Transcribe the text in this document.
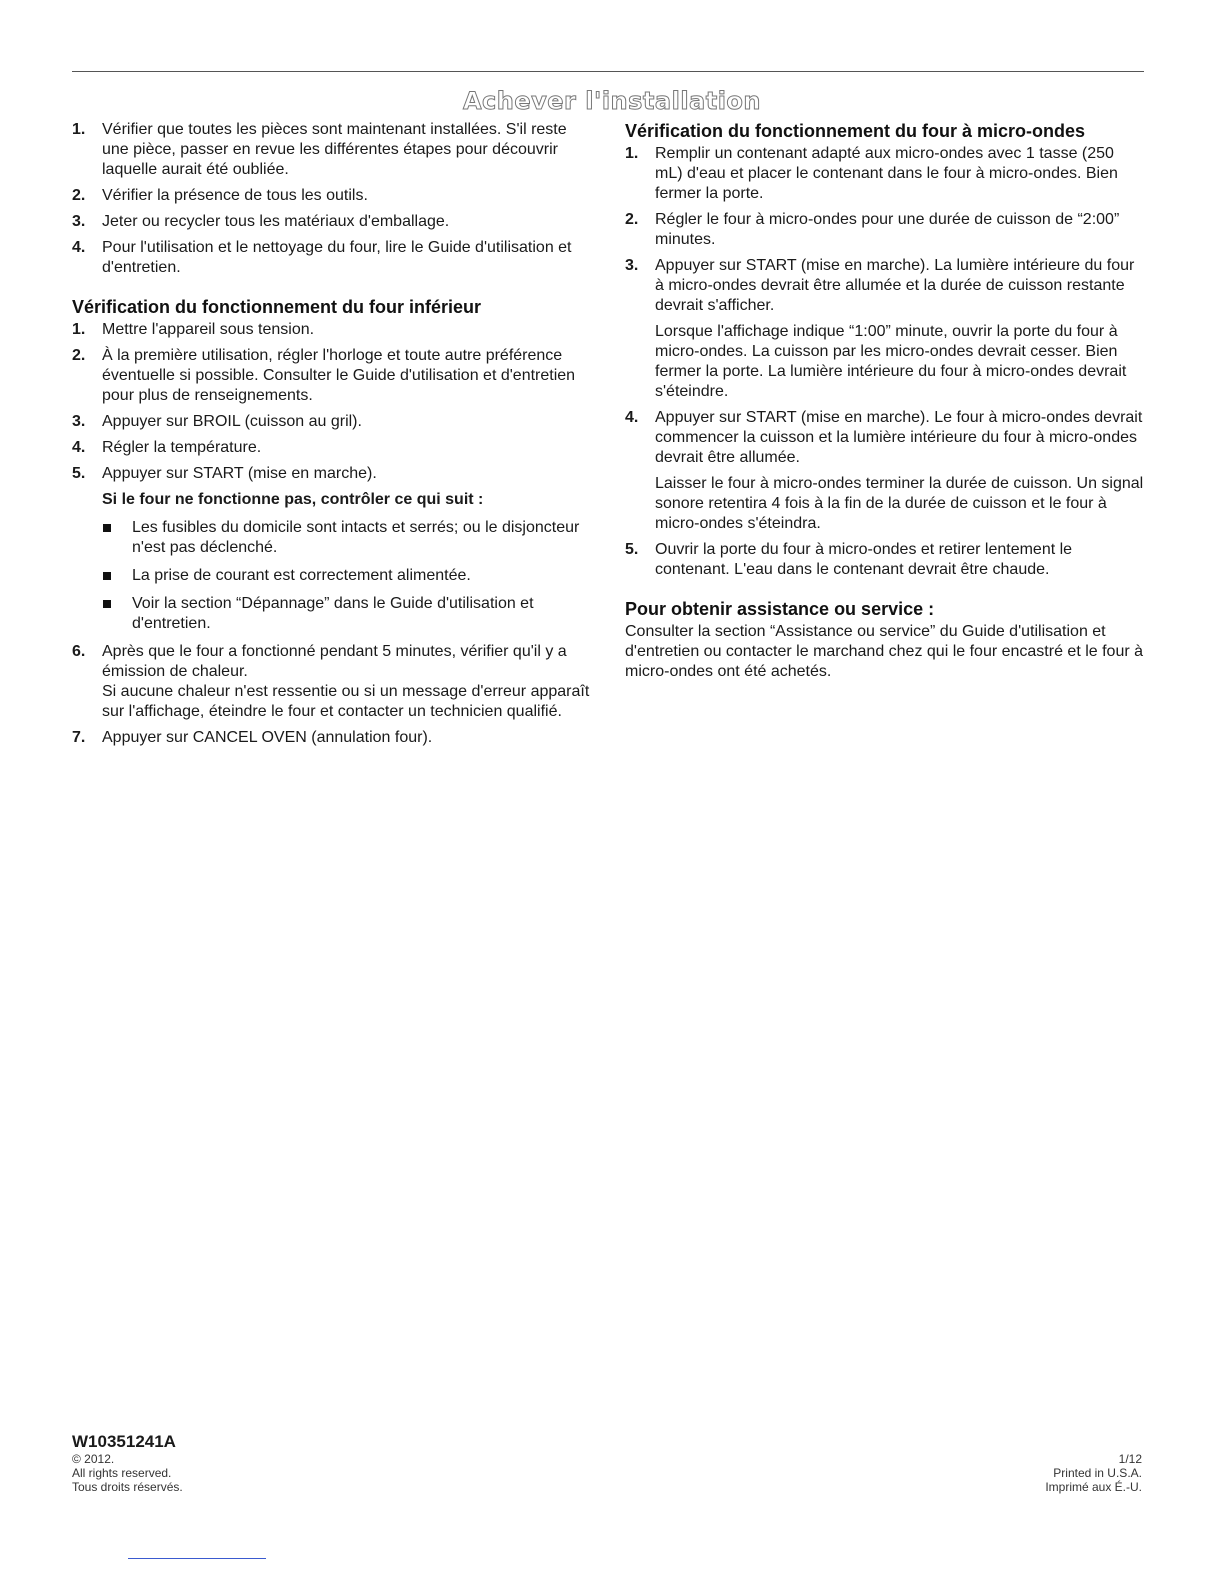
Achever l'installation
1. Vérifier que toutes les pièces sont maintenant installées. S'il reste une pièce, passer en revue les différentes étapes pour découvrir laquelle aurait été oubliée.
2. Vérifier la présence de tous les outils.
3. Jeter ou recycler tous les matériaux d'emballage.
4. Pour l'utilisation et le nettoyage du four, lire le Guide d'utilisation et d'entretien.
Vérification du fonctionnement du four inférieur
1. Mettre l'appareil sous tension.
2. À la première utilisation, régler l'horloge et toute autre préférence éventuelle si possible. Consulter le Guide d'utilisation et d'entretien pour plus de renseignements.
3. Appuyer sur BROIL (cuisson au gril).
4. Régler la température.
5. Appuyer sur START (mise en marche).
Si le four ne fonctionne pas, contrôler ce qui suit :
Les fusibles du domicile sont intacts et serrés; ou le disjoncteur n'est pas déclenché.
La prise de courant est correctement alimentée.
Voir la section “Dépannage” dans le Guide d'utilisation et d'entretien.
6. Après que le four a fonctionné pendant 5 minutes, vérifier qu'il y a émission de chaleur.
Si aucune chaleur n'est ressentie ou si un message d'erreur apparaît sur l'affichage, éteindre le four et contacter un technicien qualifié.
7. Appuyer sur CANCEL OVEN (annulation four).
Vérification du fonctionnement du four à micro-ondes
1. Remplir un contenant adapté aux micro-ondes avec 1 tasse (250 mL) d'eau et placer le contenant dans le four à micro-ondes. Bien fermer la porte.
2. Régler le four à micro-ondes pour une durée de cuisson de “2:00” minutes.
3. Appuyer sur START (mise en marche). La lumière intérieure du four à micro-ondes devrait être allumée et la durée de cuisson restante devrait s'afficher.
Lorsque l'affichage indique “1:00” minute, ouvrir la porte du four à micro-ondes. La cuisson par les micro-ondes devrait cesser. Bien fermer la porte. La lumière intérieure du four à micro-ondes devrait s'éteindre.
4. Appuyer sur START (mise en marche). Le four à micro-ondes devrait commencer la cuisson et la lumière intérieure du four à micro-ondes devrait être allumée.
Laisser le four à micro-ondes terminer la durée de cuisson. Un signal sonore retentira 4 fois à la fin de la durée de cuisson et le four à micro-ondes s'éteindra.
5. Ouvrir la porte du four à micro-ondes et retirer lentement le contenant. L'eau dans le contenant devrait être chaude.
Pour obtenir assistance ou service :

Consulter la section “Assistance ou service” du Guide d'utilisation et d'entretien ou contacter le marchand chez qui le four encastré et le four à micro-ondes ont été achetés.

W10351241A
© 2012.
All rights reserved.
Tous droits réservés.
1/12
Printed in U.S.A.
Imprimé aux É.-U.
